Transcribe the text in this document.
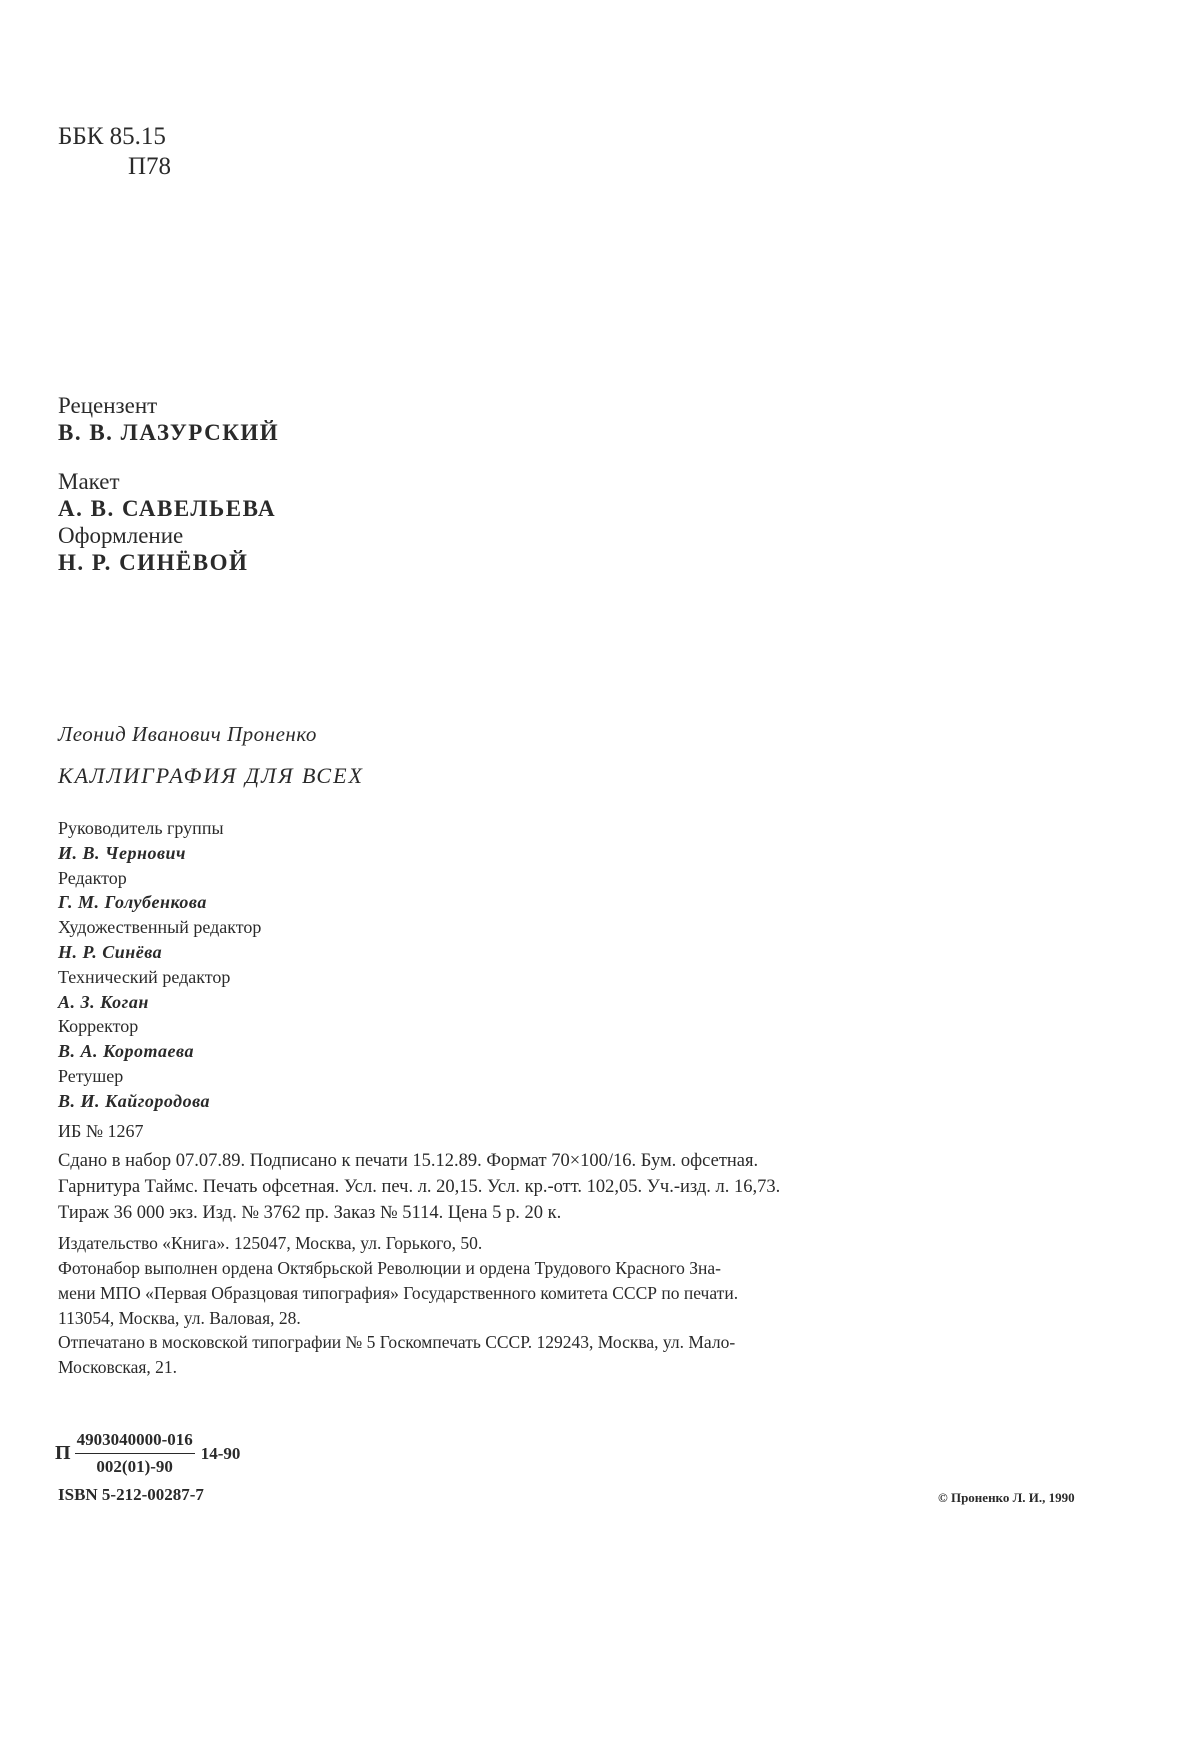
ББК 85.15
П78
Рецензент
В. В. ЛАЗУРСКИЙ
Макет
А. В. САВЕЛЬЕВА
Оформление
Н. Р. СИНЁВОЙ
Леонид Иванович Проненко
КАЛЛИГРАФИЯ ДЛЯ ВСЕХ
Руководитель группы
И. В. Чернович
Редактор
Г. М. Голубенкова
Художественный редактор
Н. Р. Синёва
Технический редактор
А. З. Коган
Корректор
В. А. Коротаева
Ретушер
В. И. Кайгородова
ИБ № 1267
Сдано в набор 07.07.89. Подписано к печати 15.12.89. Формат 70×100/16. Бум. офсетная.
Гарнитура Таймс. Печать офсетная. Усл. печ. л. 20,15. Усл. кр.-отт. 102,05. Уч.-изд. л. 16,73.
Тираж 36 000 экз. Изд. № 3762 пр. Заказ № 5114. Цена 5 р. 20 к.
Издательство «Книга». 125047, Москва, ул. Горького, 50.
Фотонабор выполнен ордена Октябрьской Революции и ордена Трудового Красного Зна-
мени МПО «Первая Образцовая типография» Государственного комитета СССР по печати.
113054, Москва, ул. Валовая, 28.
Отпечатано в московской типографии № 5 Госкомпечать СССР. 129243, Москва, ул. Мало-
Московская, 21.
П $\frac{4903040000-016}{002(01)-90} 14-90$
ISBN 5-212-00287-7	© Проненко Л. И., 1990
